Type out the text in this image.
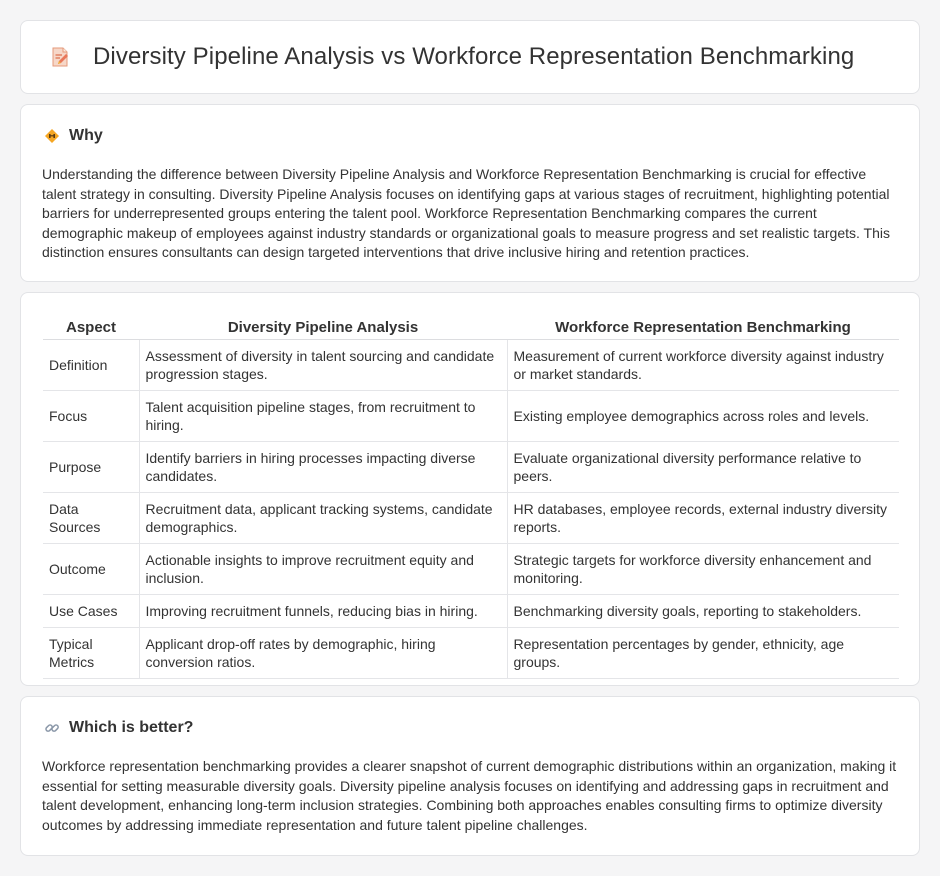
Diversity Pipeline Analysis vs Workforce Representation Benchmarking
Why

Understanding the difference between Diversity Pipeline Analysis and Workforce Representation Benchmarking is crucial for effective talent strategy in consulting. Diversity Pipeline Analysis focuses on identifying gaps at various stages of recruitment, highlighting potential barriers for underrepresented groups entering the talent pool. Workforce Representation Benchmarking compares the current demographic makeup of employees against industry standards or organizational goals to measure progress and set realistic targets. This distinction ensures consultants can design targeted interventions that drive inclusive hiring and retention practices.

Aspect	Diversity Pipeline Analysis	Workforce Representation Benchmarking
Definition	Assessment of diversity in talent sourcing and candidate progression stages.	Measurement of current workforce diversity against industry or market standards.
Focus	Talent acquisition pipeline stages, from recruitment to hiring.	Existing employee demographics across roles and levels.
Purpose	Identify barriers in hiring processes impacting diverse candidates.	Evaluate organizational diversity performance relative to peers.
Data Sources	Recruitment data, applicant tracking systems, candidate demographics.	HR databases, employee records, external industry diversity reports.
Outcome	Actionable insights to improve recruitment equity and inclusion.	Strategic targets for workforce diversity enhancement and monitoring.
Use Cases	Improving recruitment funnels, reducing bias in hiring.	Benchmarking diversity goals, reporting to stakeholders.
Typical Metrics	Applicant drop-off rates by demographic, hiring conversion ratios.	Representation percentages by gender, ethnicity, age groups.
Which is better?

Workforce representation benchmarking provides a clearer snapshot of current demographic distributions within an organization, making it essential for setting measurable diversity goals. Diversity pipeline analysis focuses on identifying and addressing gaps in recruitment and talent development, enhancing long-term inclusion strategies. Combining both approaches enables consulting firms to optimize diversity outcomes by addressing immediate representation and future talent pipeline challenges.
